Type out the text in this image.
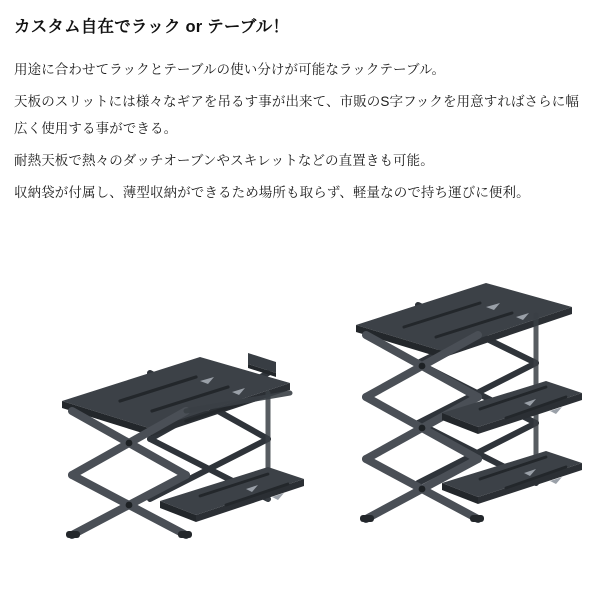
カスタム自在でラック or テーブル！

用途に合わせてラックとテーブルの使い分けが可能なラックテーブル。

天板のスリットには様々なギアを吊るす事が出来て、市販のS字フックを用意すればさらに幅広く使用する事ができる。

耐熱天板で熱々のダッチオーブンやスキレットなどの直置きも可能。

収納袋が付属し、薄型収納ができるため場所も取らず、軽量なので持ち運びに便利。
